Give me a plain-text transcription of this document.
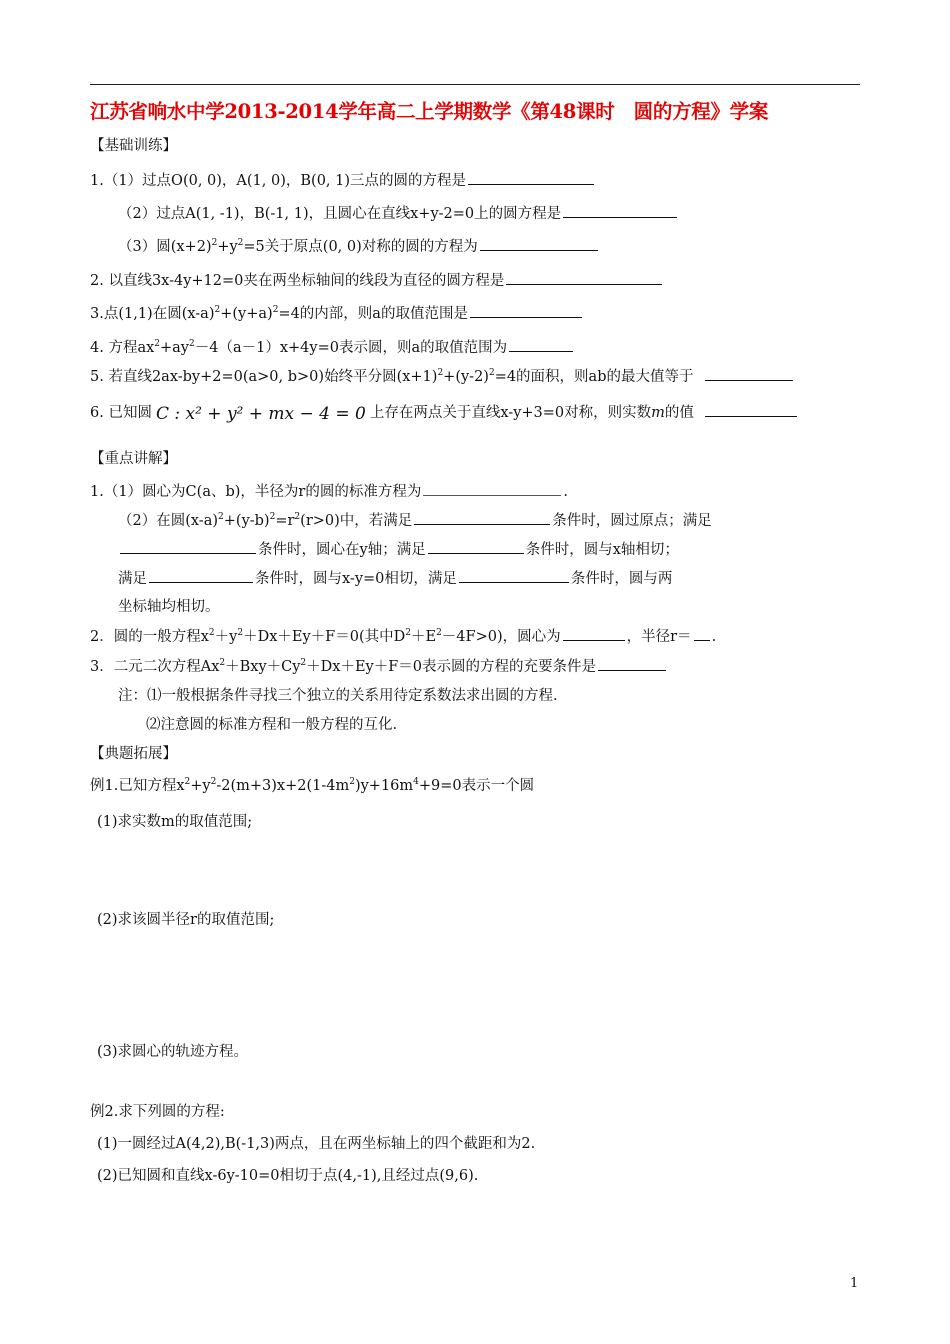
江苏省响水中学2013-2014学年高二上学期数学《第48课时　圆的方程》学案
【基础训练】
1.（1）过点O(0, 0)，A(1, 0)，B(0, 1)三点的圆的方程是
（2）过点A(1, -1)，B(-1, 1)，且圆心在直线x+y-2=0上的圆方程是
（3）圆$(x+2)^2+y^2=5$关于原点(0, 0)对称的圆的方程为
2. 以直线3x-4y+12=0夹在两坐标轴间的线段为直径的圆方程是
3.点(1,1)在圆$(x-a)^2+(y+a)^2=4$的内部，则a的取值范围是
4. 方程$ax^2+ay^2-4(a-1)x+4y=0$表示圆，则a的取值范围为
5. 若直线2ax-by+2=0(a>0, b>0)始终平分圆$(x+1)^2+(y-2)^2=4$的面积，则ab的最大值等于
6. 已知圆 C : x² + y² + mx − 4 = 0 上存在两点关于直线x-y+3=0对称，则实数m的值
【重点讲解】
1.（1）圆心为C(a、b)，半径为r的圆的标准方程为	.
（2）在圆$(x-a)^2+(y-b)^2=r^2(r>0)$中，若满足	条件时，圆过原点；满足
条件时，圆心在y轴；满足	条件时，圆与x轴相切；
满足	条件时，圆与x-y=0相切，满足	条件时，圆与两
坐标轴均相切。
2．圆的一般方程$x^2+y^2+Dx+Ey+F=0$(其中$D^2+E^2-4F>0$)，圆心为	，半径r＝ .
3．二元二次方程$Ax^2+Bxy+Cy^2+Dx+Ey+F=0$表示圆的方程的充要条件是
注：⑴一般根据条件寻找三个独立的关系用待定系数法求出圆的方程.
⑵注意圆的标准方程和一般方程的互化.
【典题拓展】
例1.已知方程$x^2+y^2-2(m+3)x+2(1-4m^2)y+16m^4+9=0$表示一个圆
(1)求实数m的取值范围;
(2)求该圆半径r的取值范围;
(3)求圆心的轨迹方程。
例2.求下列圆的方程:
(1)一圆经过A(4,2),B(-1,3)两点，且在两坐标轴上的四个截距和为2.
(2)已知圆和直线x-6y-10=0相切于点(4,-1),且经过点(9,6).
1
